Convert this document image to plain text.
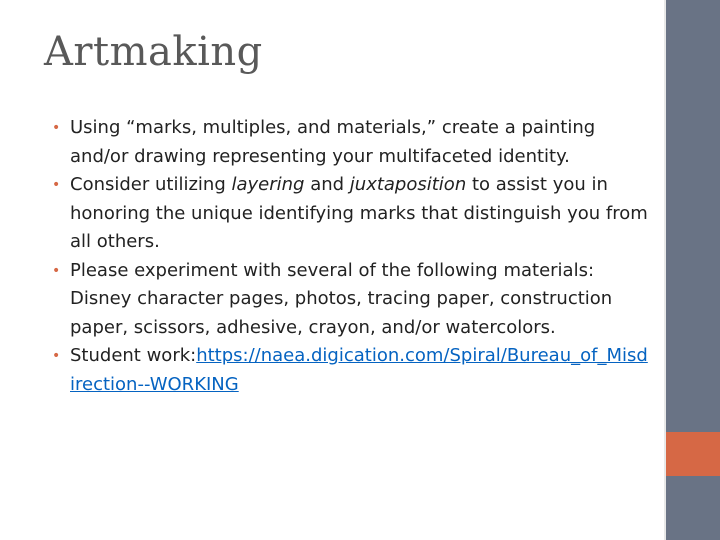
Artmaking
• Using “marks, multiples, and materials,” create a painting and/or drawing representing your multifaceted identity.
• Consider utilizing layering and juxtaposition to assist you in honoring the unique identifying marks that distinguish you from all others.
• Please experiment with several of the following materials: Disney character pages, photos, tracing paper, construction paper, scissors, adhesive, crayon, and/or watercolors.
• Student work:https://naea.digication.com/Spiral/Bureau_of_Misdirection--WORKING
